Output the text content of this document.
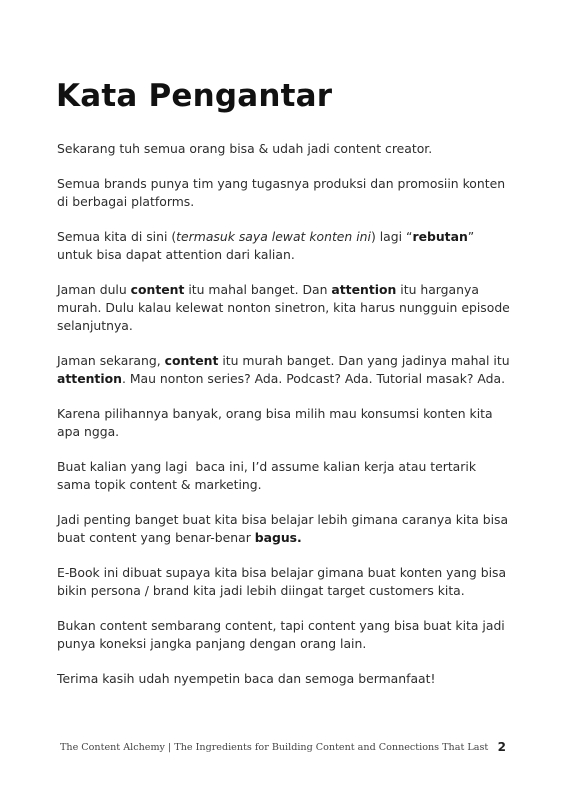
Kata Pengantar

Sekarang tuh semua orang bisa & udah jadi content creator.

Semua brands punya tim yang tugasnya produksi dan promosiin konten di berbagai platforms.

Semua kita di sini (termasuk saya lewat konten ini) lagi “rebutan” untuk bisa dapat attention dari kalian.

Jaman dulu content itu mahal banget. Dan attention itu harganya murah. Dulu kalau kelewat nonton sinetron, kita harus nungguin episode selanjutnya.

Jaman sekarang, content itu murah banget. Dan yang jadinya mahal itu attention. Mau nonton series? Ada. Podcast? Ada. Tutorial masak? Ada.

Karena pilihannya banyak, orang bisa milih mau konsumsi konten kita apa ngga.

Buat kalian yang lagi  baca ini, I’d assume kalian kerja atau tertarik sama topik content & marketing.

Jadi penting banget buat kita bisa belajar lebih gimana caranya kita bisa buat content yang benar-benar bagus.

E-Book ini dibuat supaya kita bisa belajar gimana buat konten yang bisa bikin persona / brand kita jadi lebih diingat target customers kita.

Bukan content sembarang content, tapi content yang bisa buat kita jadi punya koneksi jangka panjang dengan orang lain.

Terima kasih udah nyempetin baca dan semoga bermanfaat!

The Content Alchemy | The Ingredients for Building Content and Connections That Last 2
